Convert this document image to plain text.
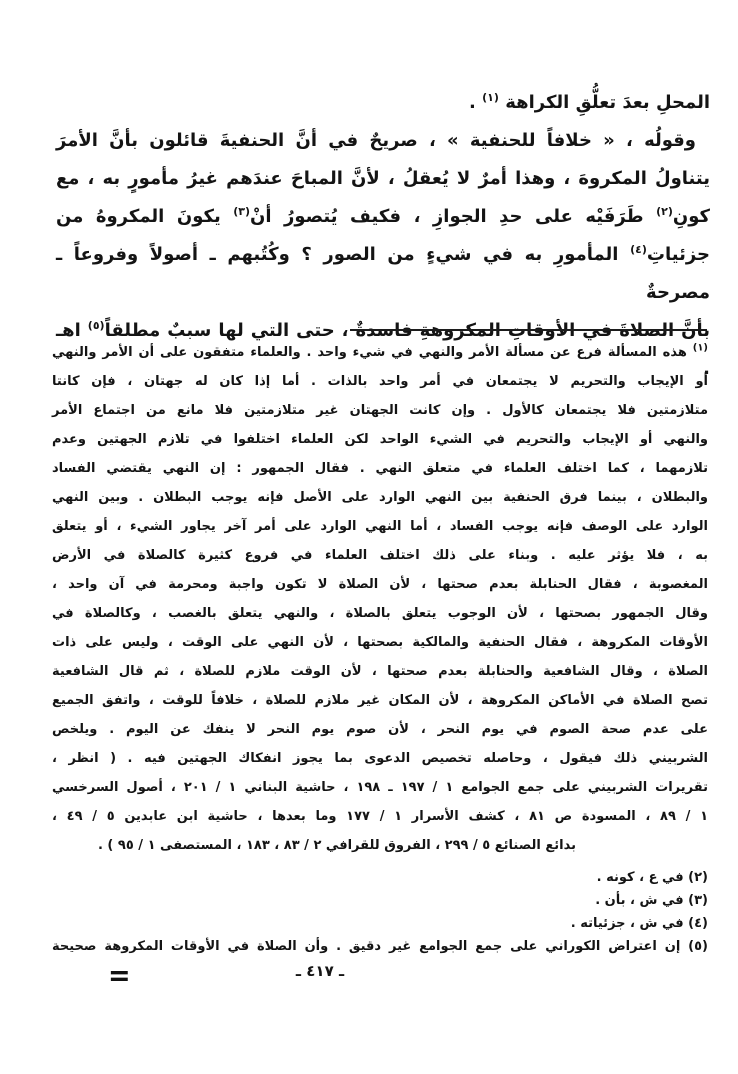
المحلِ بعدَ تعلُّقِ الكراهة $^{(١)}$ .
وقولُه ، « خلافاً للحنفية » ، صريحٌ في أنَّ الحنفيةَ قائلون بأنَّ الأمرَ
يتناولُ المكروهَ ، وهذا أمرٌ لا يُعقلُ ، لأنَّ المباحَ عندَهم غيرُ مأمورٍ به ، مع
كونِ$^{(٢)}$ طَرَفَيْه على حدِ الجوازِ ، فكيف يُتصورُ أنْ$^{(٣)}$ يكونَ المكروهُ من
جزئياتِ$^{(٤)}$ المأمورِ به في شيءٍ من الصور ؟ وكُتُبهم ـ أصولاً وفروعاً ـ مصرحةٌ
بأنَّ الصلاةَ في الأوقاتِ المكروهةِ فاسدةٌ ، حتى التي لها سببٌ مطلقاً$^{(٥)}$ اهـ .
$^{(١)}$ هذه المسألة فرع عن مسألة الأمر والنهي في شيء واحد . والعلماء متفقون على أن الأمر والنهي
أو الإيجاب والتحريم لا يجتمعان في أمر واحد بالذات . أما إذا كان له جهتان ، فإن كانتا
متلازمتين فلا يجتمعان كالأول . وإن كانت الجهتان غير متلازمتين فلا مانع من اجتماع الأمر
والنهي أو الإيجاب والتحريم في الشيء الواحد لكن العلماء اختلفوا في تلازم الجهتين وعدم
تلازمهما ، كما اختلف العلماء في متعلق النهي . فقال الجمهور : إن النهي يقتضي الفساد
والبطلان ، بينما فرق الحنفية بين النهي الوارد على الأصل فإنه يوجب البطلان . وبين النهي
الوارد على الوصف فإنه يوجب الفساد ، أما النهي الوارد على أمر آخر يجاور الشيء ، أو يتعلق
به ، فلا يؤثر عليه . وبناء على ذلك اختلف العلماء في فروع كثيرة كالصلاة في الأرض
المغصوبة ، فقال الحنابلة بعدم صحتها ، لأن الصلاة لا تكون واجبة ومحرمة في آن واحد ،
وقال الجمهور بصحتها ، لأن الوجوب يتعلق بالصلاة ، والنهي يتعلق بالغصب ، وكالصلاة في
الأوقات المكروهة ، فقال الحنفية والمالكية بصحتها ، لأن النهي على الوقت ، وليس على ذات
الصلاة ، وقال الشافعية والحنابلة بعدم صحتها ، لأن الوقت ملازم للصلاة ، ثم قال الشافعية
تصح الصلاة في الأماكن المكروهة ، لأن المكان غير ملازم للصلاة ، خلافاً للوقت ، واتفق الجميع
على عدم صحة الصوم في يوم النحر ، لأن صوم يوم النحر لا ينفك عن اليوم . ويلخص
الشربيني ذلك فيقول ، وحاصله تخصيص الدعوى بما يجوز انفكاك الجهتين فيه . ( انظر ،
تقريرات الشربيني على جمع الجوامع ١ / ١٩٧ ـ ١٩٨ ، حاشية البناني ١ / ٢٠١ ، أصول السرخسي
١ / ٨٩ ، المسودة ص ٨١ ، كشف الأسرار ١ / ١٧٧ وما بعدها ، حاشية ابن عابدين ٥ / ٤٩ ،
بدائع الصنائع ٥ / ٢٩٩ ، الفروق للقرافي ٢ / ٨٣ ، ١٨٣ ، المستصفى ١ / ٩٥ ) .
(٢) في ع ، كونه .
(٣) في ش ، بأن .
(٤) في ش ، جزئياته .
(٥) إن اعتراض الكوراني على جمع الجوامع غير دقيق . وأن الصلاة في الأوقات المكروهة صحيحة
=	ـ ٤١٧ ـ
